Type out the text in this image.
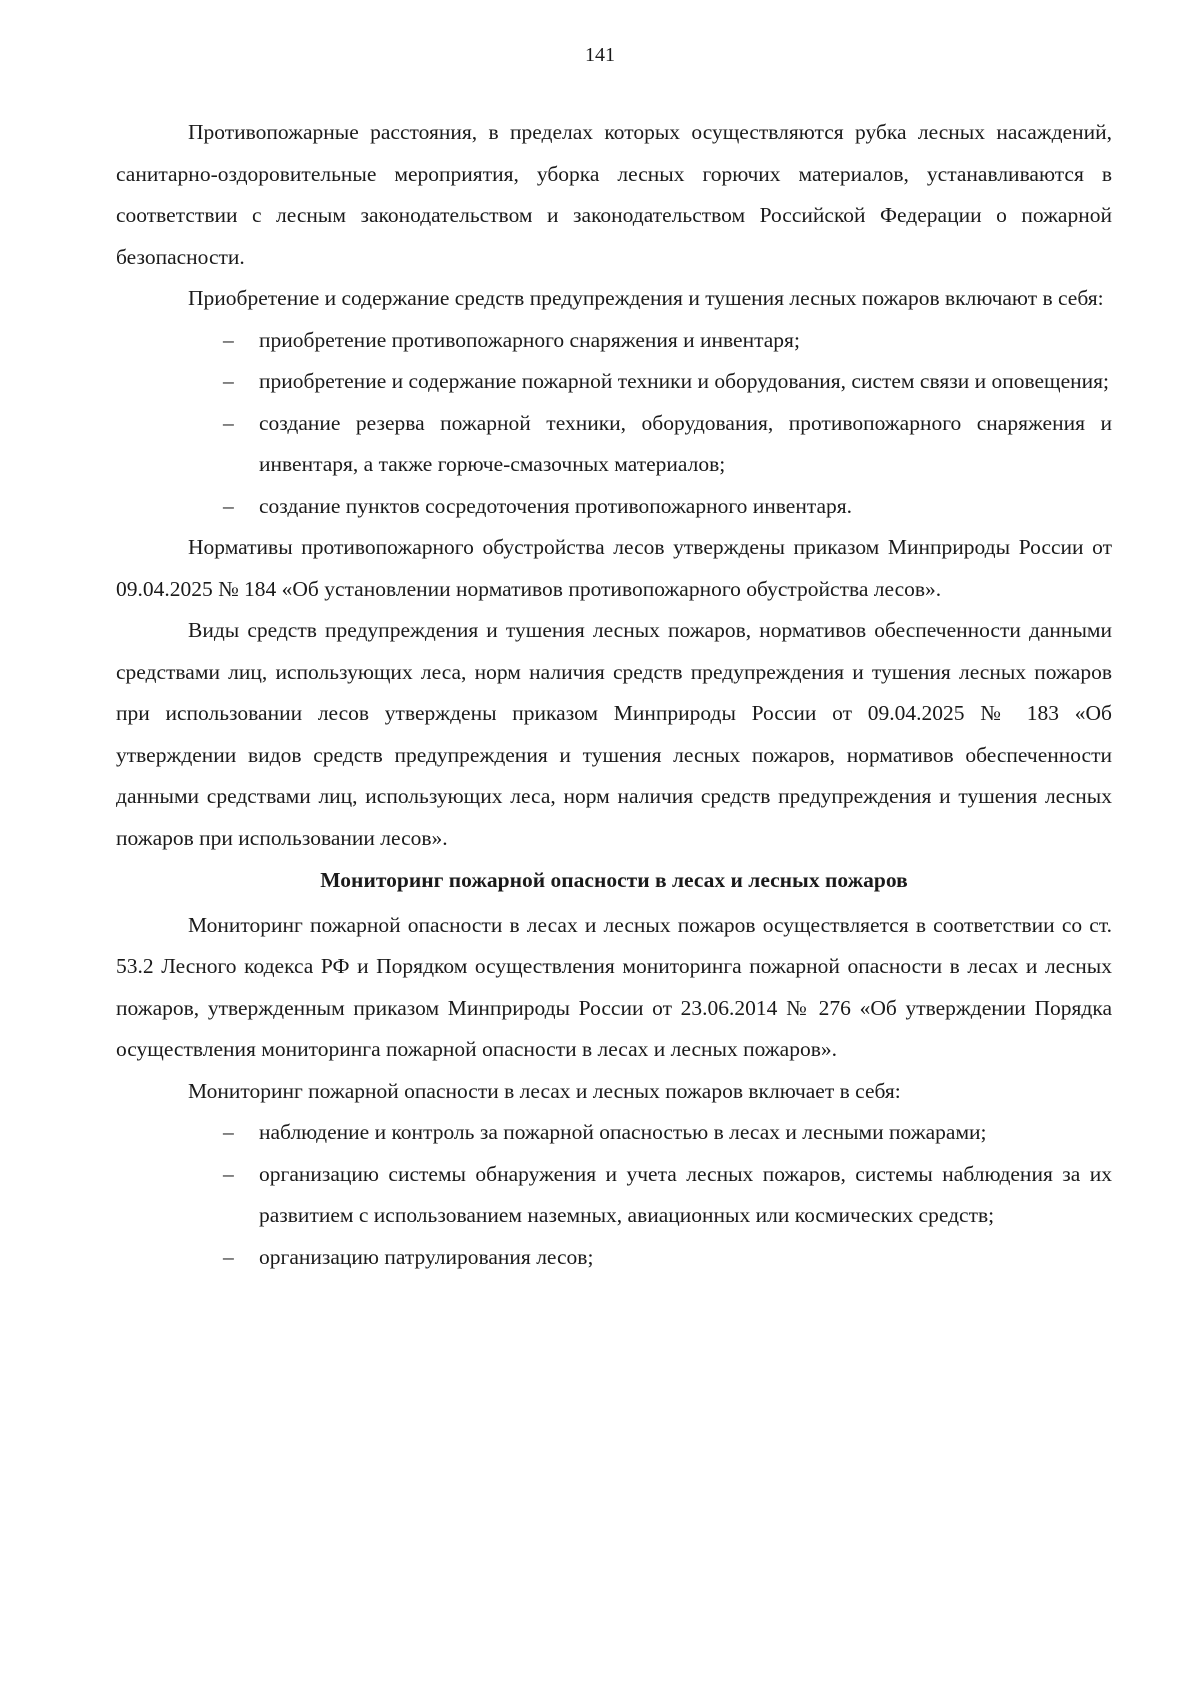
141

Противопожарные расстояния, в пределах которых осуществляются рубка лесных насаждений, санитарно-оздоровительные мероприятия, уборка лесных горючих материалов, устанавливаются в соответствии с лесным законодательством и законодательством Российской Федерации о пожарной безопасности.

Приобретение и содержание средств предупреждения и тушения лесных пожаров включают в себя:

– приобретение противопожарного снаряжения и инвентаря;
– приобретение и содержание пожарной техники и оборудования, систем связи и оповещения;
– создание резерва пожарной техники, оборудования, противопожарного снаряжения и инвентаря, а также горюче-смазочных материалов;
– создание пунктов сосредоточения противопожарного инвентаря.

Нормативы противопожарного обустройства лесов утверждены приказом Минприроды России от 09.04.2025 № 184 «Об установлении нормативов противопожарного обустройства лесов».

Виды средств предупреждения и тушения лесных пожаров, нормативов обеспеченности данными средствами лиц, использующих леса, норм наличия средств предупреждения и тушения лесных пожаров при использовании лесов утверждены приказом Минприроды России от 09.04.2025 № 183 «Об утверждении видов средств предупреждения и тушения лесных пожаров, нормативов обеспеченности данными средствами лиц, использующих леса, норм наличия средств предупреждения и тушения лесных пожаров при использовании лесов».

Мониторинг пожарной опасности в лесах и лесных пожаров

Мониторинг пожарной опасности в лесах и лесных пожаров осуществляется в соответствии со ст. 53.2 Лесного кодекса РФ и Порядком осуществления мониторинга пожарной опасности в лесах и лесных пожаров, утвержденным приказом Минприроды России от 23.06.2014 № 276 «Об утверждении Порядка осуществления мониторинга пожарной опасности в лесах и лесных пожаров».

Мониторинг пожарной опасности в лесах и лесных пожаров включает в себя:

– наблюдение и контроль за пожарной опасностью в лесах и лесными пожарами;
– организацию системы обнаружения и учета лесных пожаров, системы наблюдения за их развитием с использованием наземных, авиационных или космических средств;
– организацию патрулирования лесов;
